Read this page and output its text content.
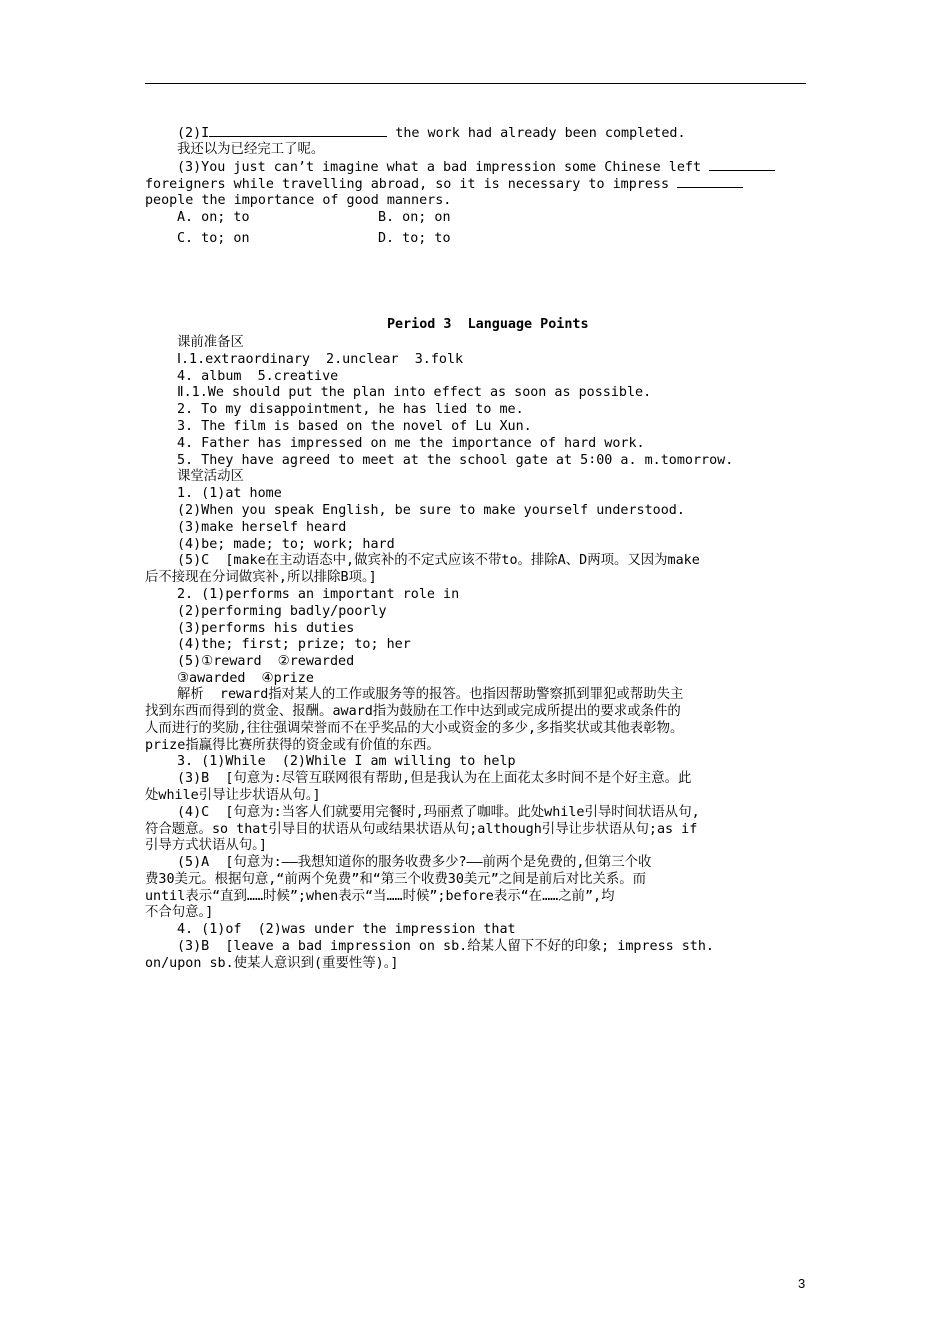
(2)I	the work had already been completed.
我还以为已经完工了呢。
(3)You just can’t imagine what a bad impression some Chinese left
foreigners while travelling abroad, so it is necessary to impress
people the importance of good manners.
A. on; to	B. on; on
C. to; on	D. to; to
Period 3  Language Points
课前准备区
Ⅰ.1.extraordinary  2.unclear  3.folk
4. album  5.creative
Ⅱ.1.We should put the plan into effect as soon as possible.
2. To my disappointment, he has lied to me.
3. The film is based on the novel of Lu Xun.
4. Father has impressed on me the importance of hard work.
5. They have agreed to meet at the school gate at 5∶00 a. m.tomorrow.
课堂活动区
1. (1)at home
(2)When you speak English, be sure to make yourself understood.
(3)make herself heard
(4)be; made; to; work; hard
(5)C  [make在主动语态中,做宾补的不定式应该不带to。排除A、D两项。又因为make
后不接现在分词做宾补,所以排除B项。]
2. (1)performs an important role in
(2)performing badly/poorly
(3)performs his duties
(4)the; first; prize; to; her
(5)①reward  ②rewarded
③awarded  ④prize
解析  reward指对某人的工作或服务等的报答。也指因帮助警察抓到罪犯或帮助失主
找到东西而得到的赏金、报酬。award指为鼓励在工作中达到或完成所提出的要求或条件的
人而进行的奖励,往往强调荣誉而不在乎奖品的大小或资金的多少,多指奖状或其他表彰物。
prize指赢得比赛所获得的资金或有价值的东西。
3. (1)While  (2)While I am willing to help
(3)B  [句意为:尽管互联网很有帮助,但是我认为在上面花太多时间不是个好主意。此
处while引导让步状语从句。]
(4)C  [句意为:当客人们就要用完餐时,玛丽煮了咖啡。此处while引导时间状语从句,
符合题意。so that引导目的状语从句或结果状语从句;although引导让步状语从句;as if
引导方式状语从句。]
(5)A  [句意为:——我想知道你的服务收费多少?——前两个是免费的,但第三个收
费30美元。根据句意,“前两个免费”和“第三个收费30美元”之间是前后对比关系。而
until表示“直到……时候”;when表示“当……时候”;before表示“在……之前”,均
不合句意。]
4. (1)of  (2)was under the impression that
(3)B  [leave a bad impression on sb.给某人留下不好的印象; impress sth.
on/upon sb.使某人意识到(重要性等)。]
3
